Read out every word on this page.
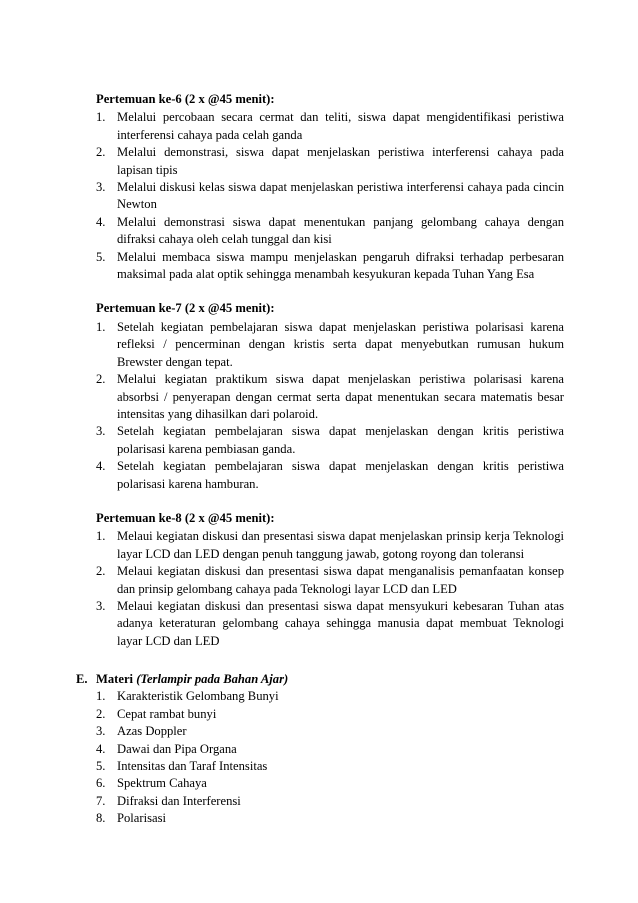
Pertemuan ke-6 (2 x @45 menit):
1. Melalui percobaan secara cermat dan teliti, siswa dapat mengidentifikasi peristiwa interferensi cahaya pada celah ganda
2. Melalui demonstrasi, siswa dapat menjelaskan peristiwa interferensi cahaya pada lapisan tipis
3. Melalui diskusi kelas siswa dapat menjelaskan peristiwa interferensi cahaya pada cincin Newton
4. Melalui demonstrasi siswa dapat menentukan panjang gelombang cahaya dengan difraksi cahaya oleh celah tunggal dan kisi
5. Melalui membaca siswa mampu menjelaskan pengaruh difraksi terhadap perbesaran maksimal pada alat optik sehingga menambah kesyukuran kepada Tuhan Yang Esa
Pertemuan ke-7 (2 x @45 menit):
1. Setelah kegiatan pembelajaran siswa dapat menjelaskan peristiwa polarisasi karena refleksi / pencerminan dengan kristis serta dapat menyebutkan rumusan hukum Brewster dengan tepat.
2. Melalui kegiatan praktikum siswa dapat menjelaskan peristiwa polarisasi karena absorbsi / penyerapan dengan cermat serta dapat menentukan secara matematis besar intensitas yang dihasilkan dari polaroid.
3. Setelah kegiatan pembelajaran siswa dapat menjelaskan dengan kritis peristiwa polarisasi karena pembiasan ganda.
4. Setelah kegiatan pembelajaran siswa dapat menjelaskan dengan kritis peristiwa polarisasi karena hamburan.
Pertemuan ke-8 (2 x @45 menit):
1. Melaui kegiatan diskusi dan presentasi siswa dapat menjelaskan prinsip kerja Teknologi layar LCD dan LED dengan penuh tanggung jawab, gotong royong dan toleransi
2. Melaui kegiatan diskusi dan presentasi siswa dapat menganalisis pemanfaatan konsep dan prinsip gelombang cahaya pada Teknologi layar LCD dan LED
3. Melaui kegiatan diskusi dan presentasi siswa dapat mensyukuri kebesaran Tuhan atas adanya keteraturan gelombang cahaya sehingga manusia dapat membuat Teknologi layar LCD dan LED
E. Materi (Terlampir pada Bahan Ajar)
1. Karakteristik Gelombang Bunyi
2. Cepat rambat bunyi
3. Azas Doppler
4. Dawai dan Pipa Organa
5. Intensitas dan Taraf Intensitas
6. Spektrum Cahaya
7. Difraksi dan Interferensi
8. Polarisasi
